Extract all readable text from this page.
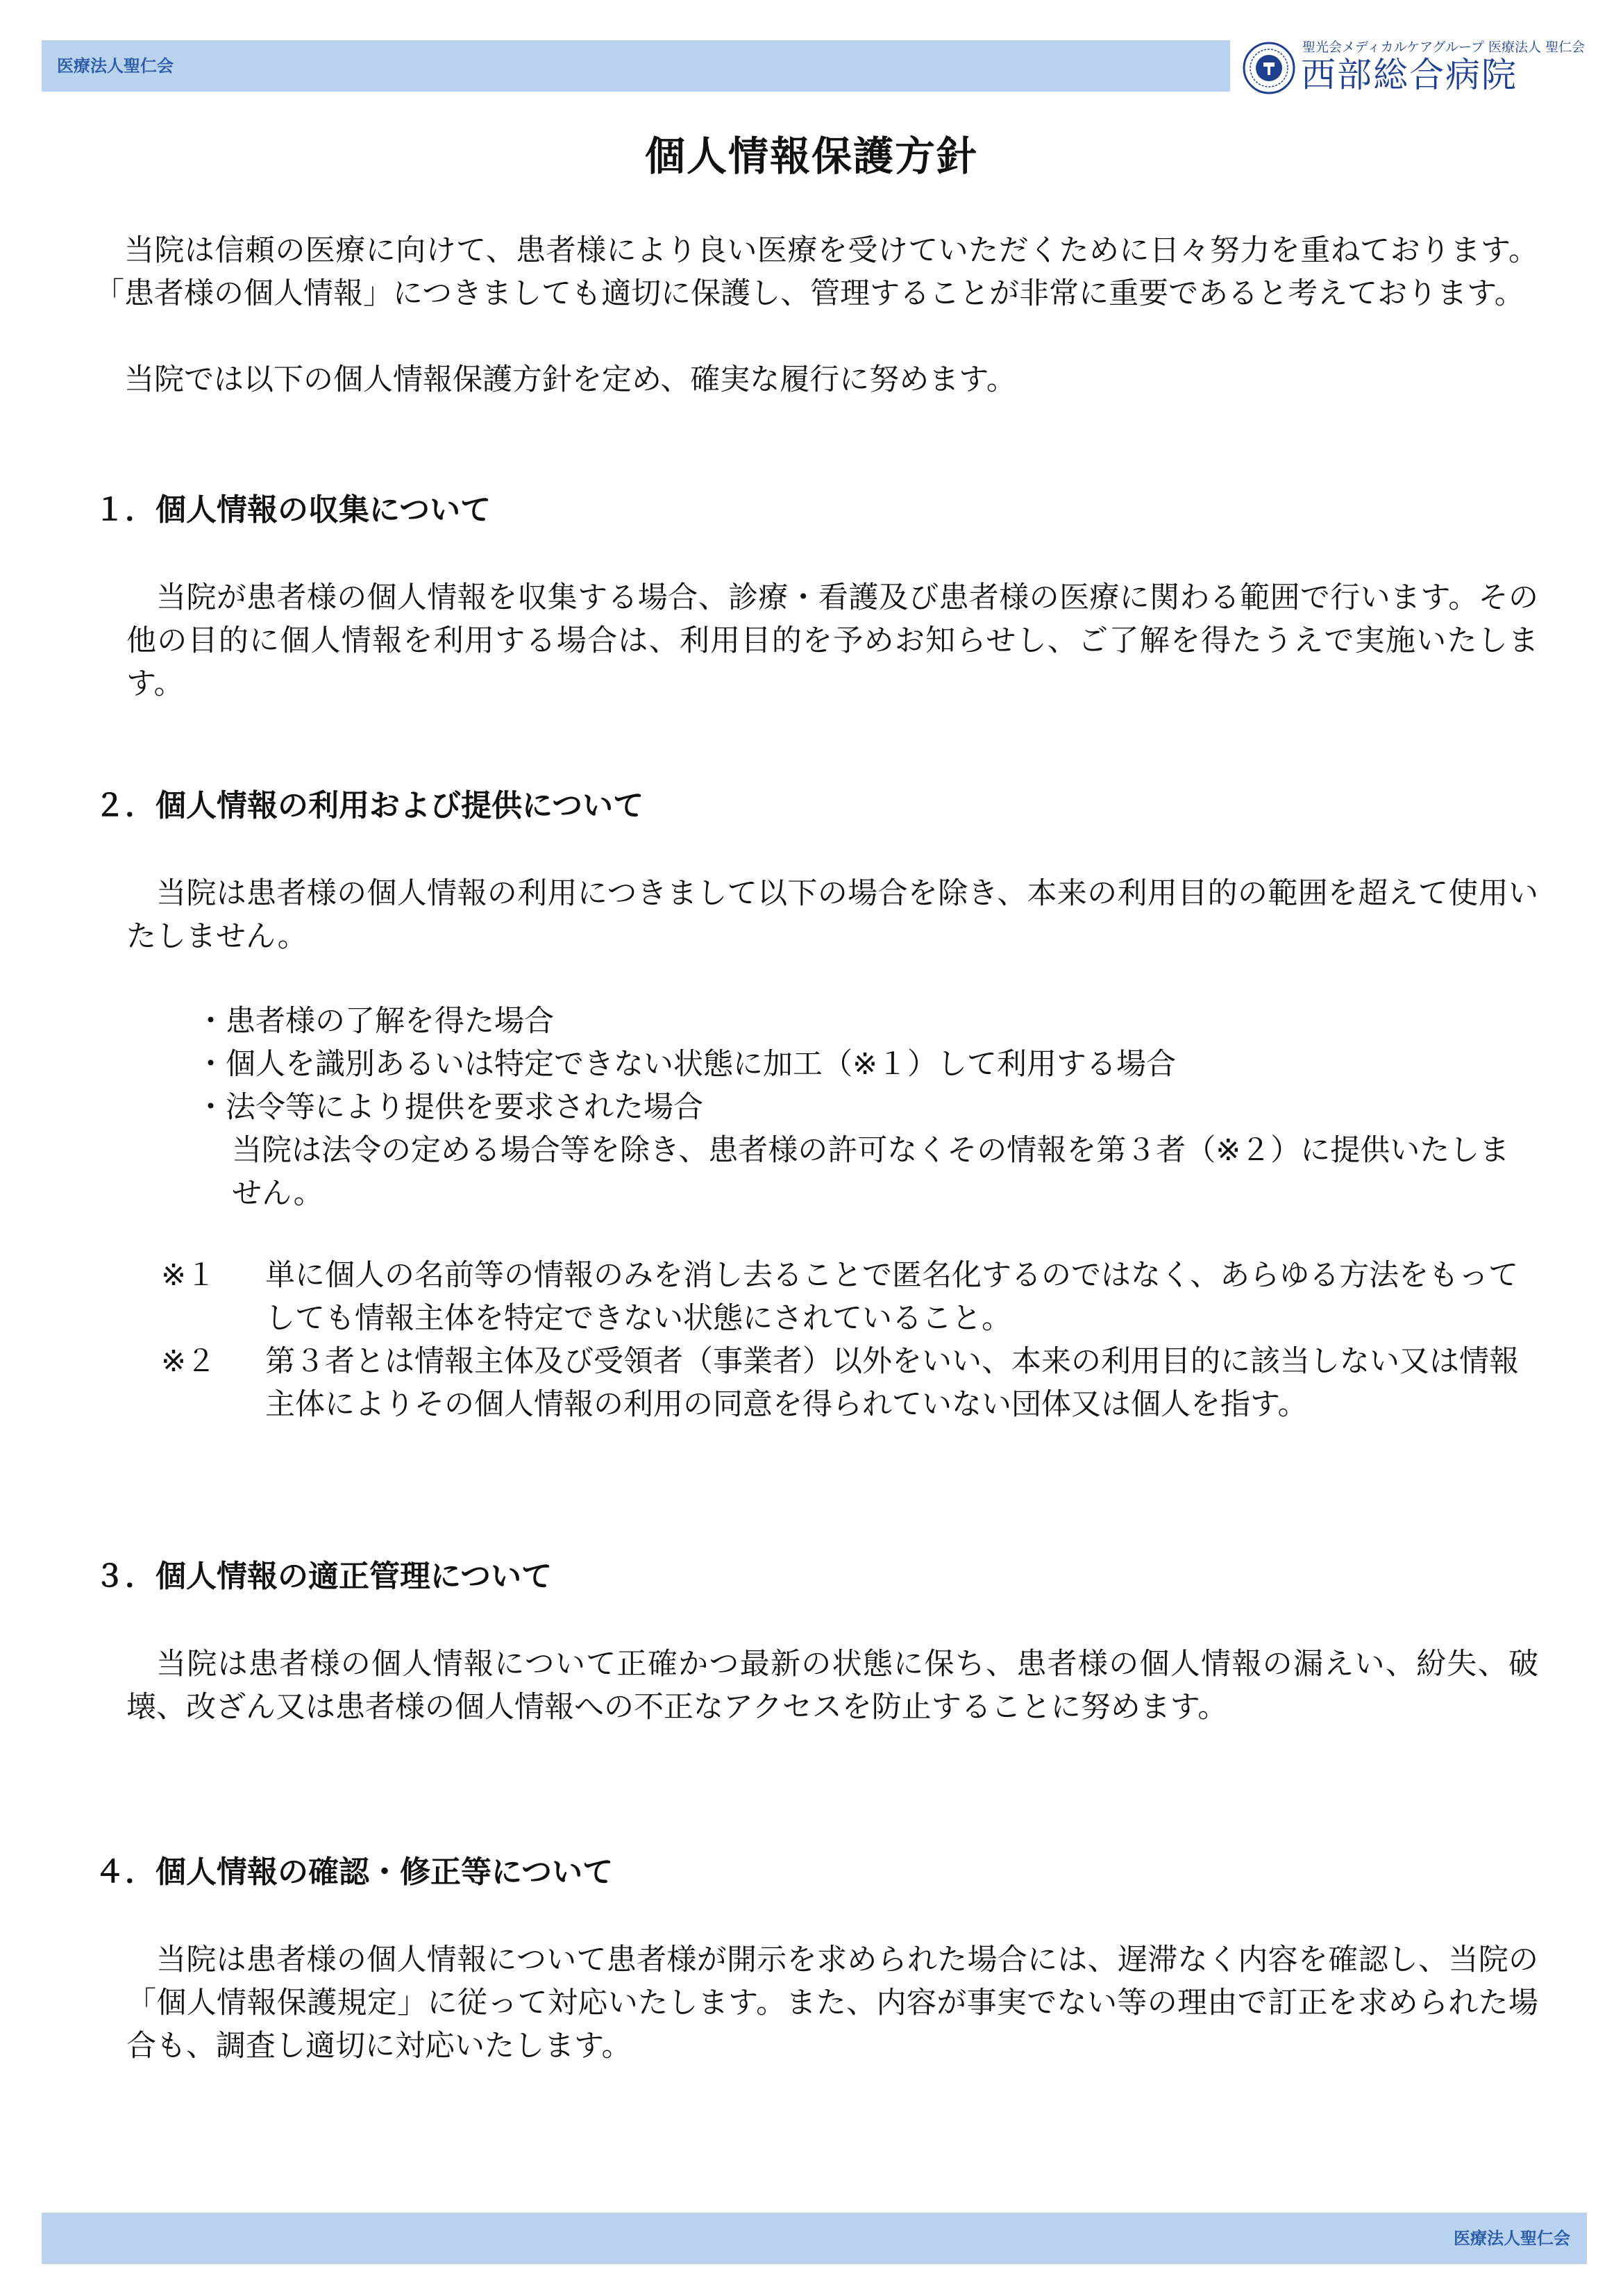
医療法人聖仁会
聖光会メディカルケアグループ 医療法人 聖仁会
西部総合病院
個人情報保護方針

当院は信頼の医療に向けて、患者様により良い医療を受けていただくために日々努力を重ねております。「患者様の個人情報」につきましても適切に保護し、管理することが非常に重要であると考えております。

当院では以下の個人情報保護方針を定め、確実な履行に努めます。

１．個人情報の収集について

当院が患者様の個人情報を収集する場合、診療・看護及び患者様の医療に関わる範囲で行います。その他の目的に個人情報を利用する場合は、利用目的を予めお知らせし、ご了解を得たうえで実施いたします。

２．個人情報の利用および提供について

当院は患者様の個人情報の利用につきまして以下の場合を除き、本来の利用目的の範囲を超えて使用いたしません。

・患者様の了解を得た場合
・個人を識別あるいは特定できない状態に加工（※１）して利用する場合
・法令等により提供を要求された場合
当院は法令の定める場合等を除き、患者様の許可なくその情報を第３者（※２）に提供いたしません。
※１	単に個人の名前等の情報のみを消し去ることで匿名化するのではなく、あらゆる方法をもってしても情報主体を特定できない状態にされていること。
※２	第３者とは情報主体及び受領者（事業者）以外をいい、本来の利用目的に該当しない又は情報主体によりその個人情報の利用の同意を得られていない団体又は個人を指す。
３．個人情報の適正管理について

当院は患者様の個人情報について正確かつ最新の状態に保ち、患者様の個人情報の漏えい、紛失、破壊、改ざん又は患者様の個人情報への不正なアクセスを防止することに努めます。

４．個人情報の確認・修正等について

当院は患者様の個人情報について患者様が開示を求められた場合には、遅滞なく内容を確認し、当院の「個人情報保護規定」に従って対応いたします。また、内容が事実でない等の理由で訂正を求められた場合も、調査し適切に対応いたします。

医療法人聖仁会
